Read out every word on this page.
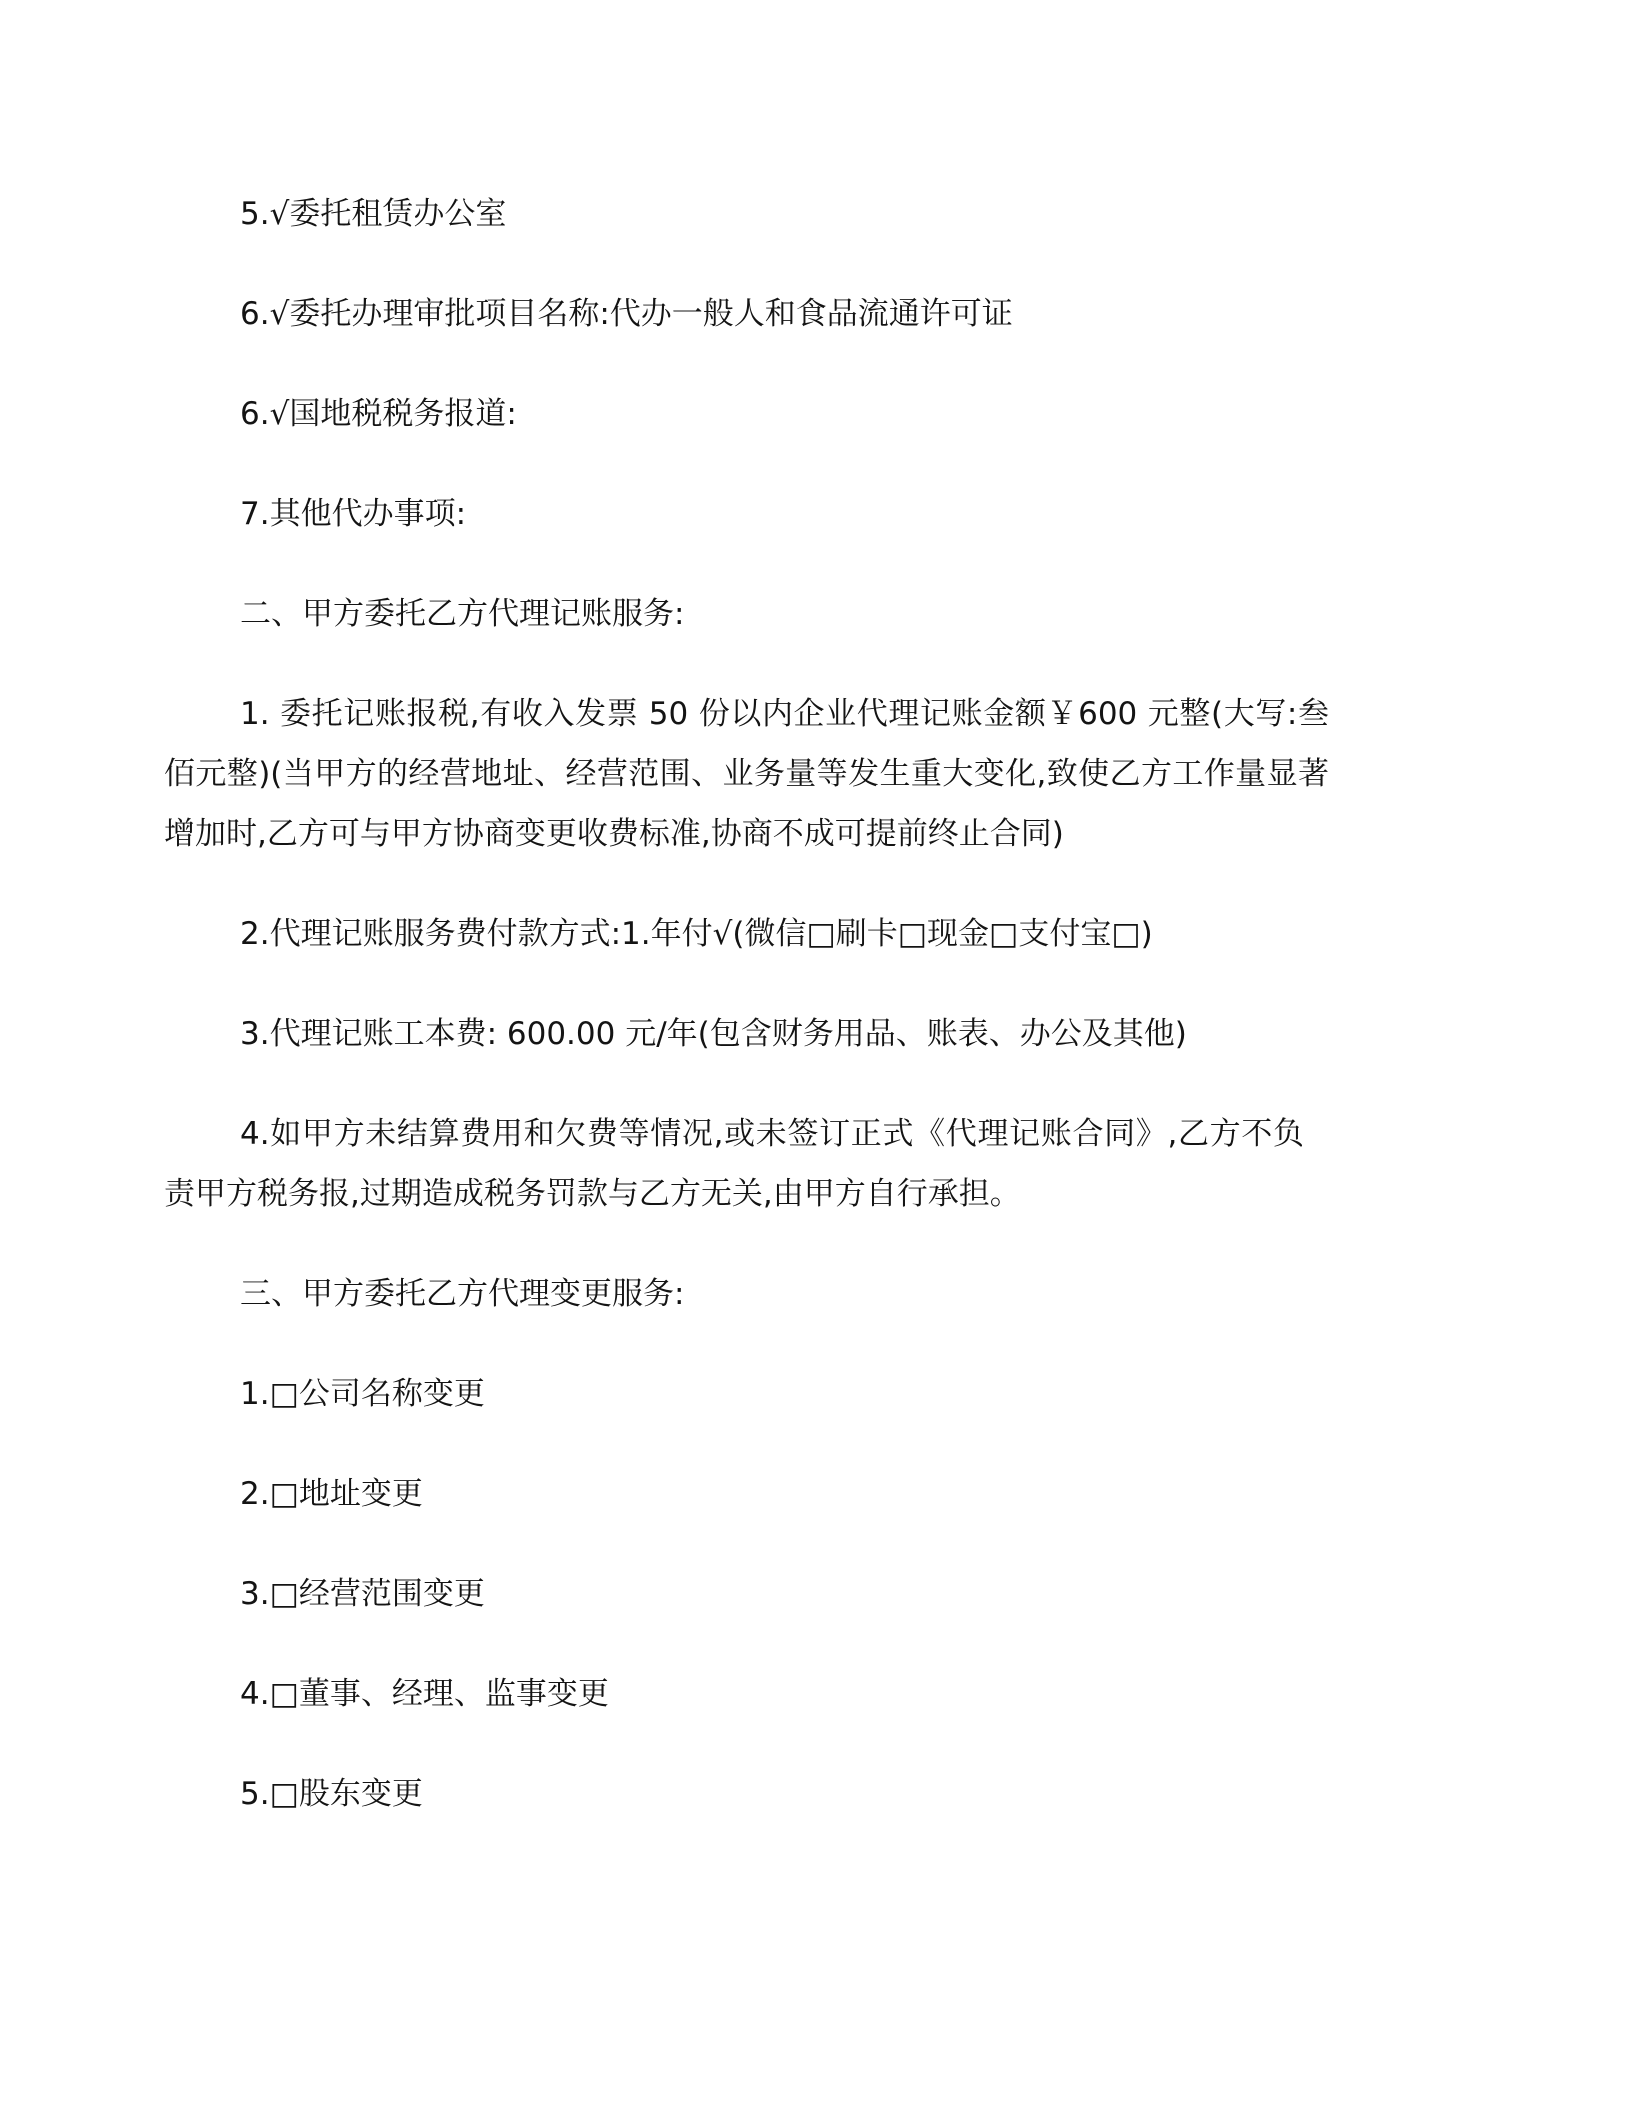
5.√委托租赁办公室
6.√委托办理审批项目名称:代办一般人和食品流通许可证
6.√国地税税务报道:
7.其他代办事项:
二、甲方委托乙方代理记账服务:
1. 委托记账报税,有收入发票 50 份以内企业代理记账金额￥600 元整(大写:叁佰元整)(当甲方的经营地址、经营范围、业务量等发生重大变化,致使乙方工作量显著增加时,乙方可与甲方协商变更收费标准,协商不成可提前终止合同)
2.代理记账服务费付款方式:1.年付√(微信□刷卡□现金□支付宝□)
3.代理记账工本费: 600.00 元/年(包含财务用品、账表、办公及其他)
4.如甲方未结算费用和欠费等情况,或未签订正式《代理记账合同》,乙方不负责甲方税务报,过期造成税务罚款与乙方无关,由甲方自行承担。
三、甲方委托乙方代理变更服务:
1.□公司名称变更
2.□地址变更
3.□经营范围变更
4.□董事、经理、监事变更
5.□股东变更
